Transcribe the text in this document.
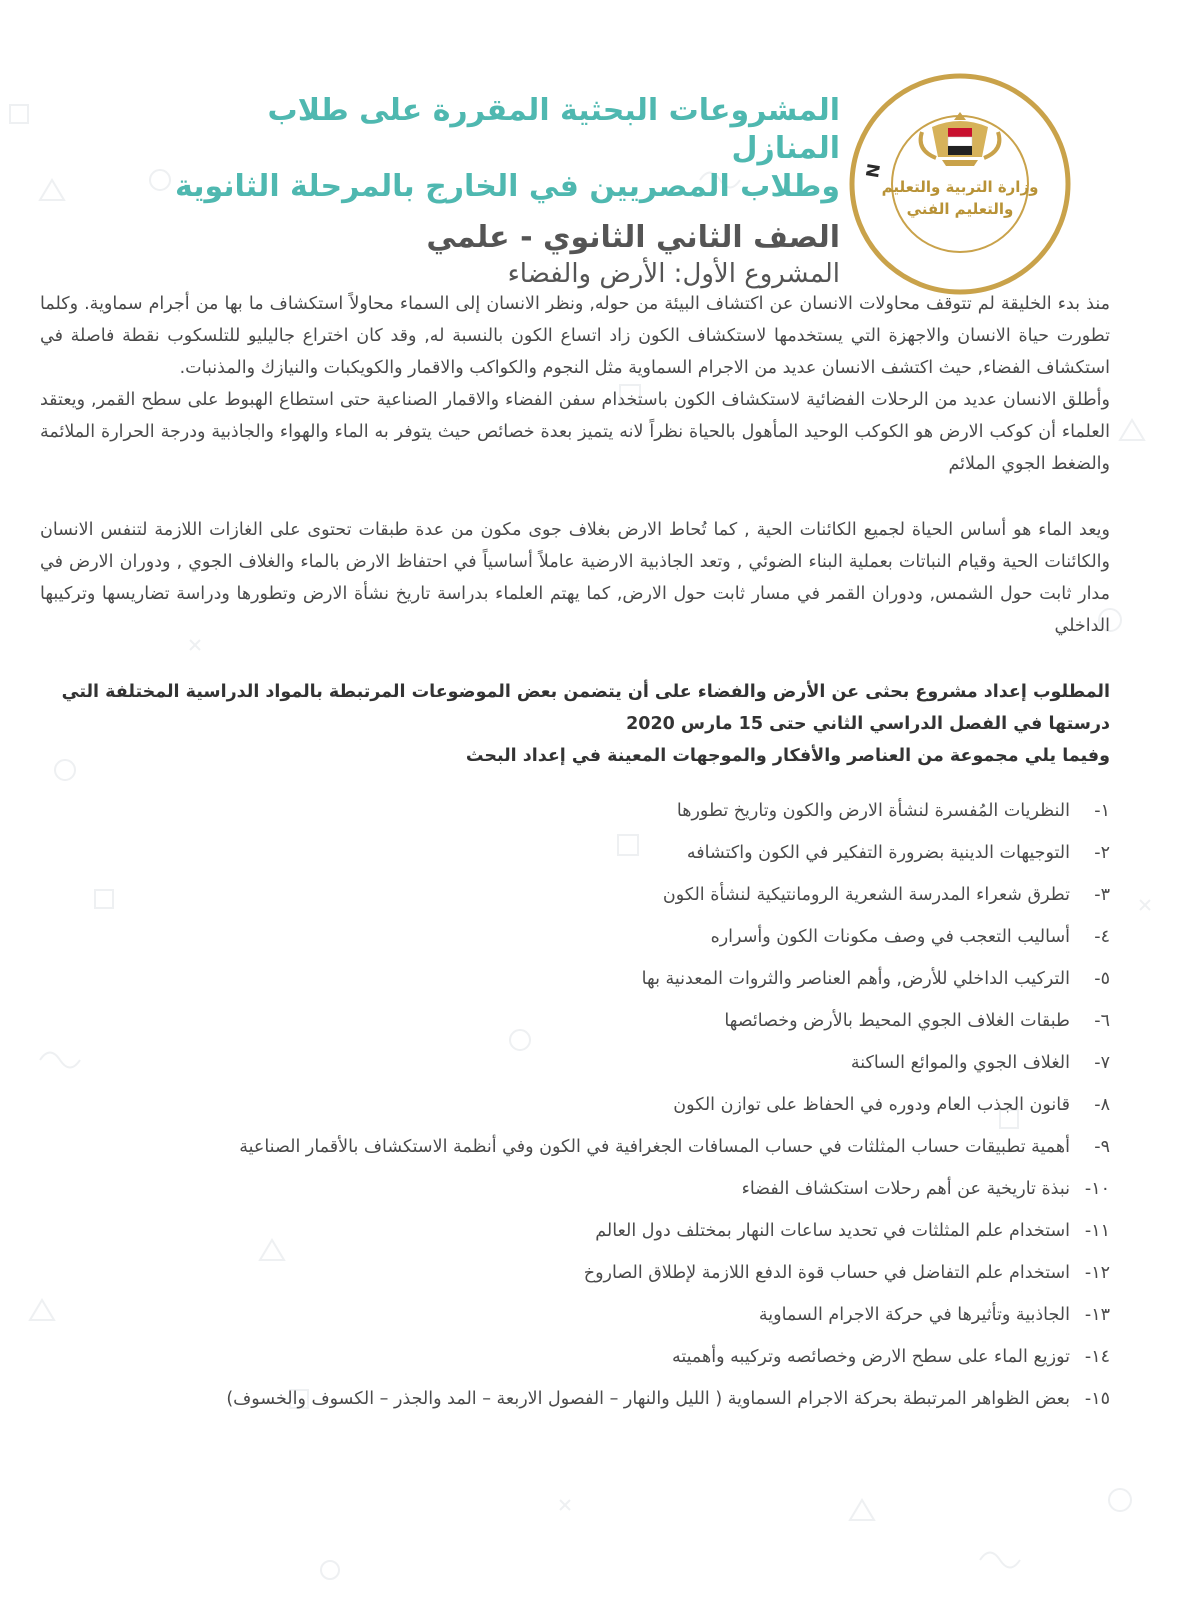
N
وزارة التربية والتعليم
والتعليم الفني

المشروعات البحثية المقررة على طلاب المنازل

وطلاب المصريين في الخارج بالمرحلة الثانوية

الصف الثاني الثانوي - علمي

المشروع الأول: الأرض والفضاء

منذ بدء الخليقة لم تتوقف محاولات الانسان عن اكتشاف البيئة من حوله, ونظر الانسان إلى السماء محاولاً استكشاف ما بها من أجرام سماوية. وكلما تطورت حياة الانسان والاجهزة التي يستخدمها لاستكشاف الكون زاد اتساع الكون بالنسبة له, وقد كان اختراع جاليليو للتلسكوب نقطة فاصلة في استكشاف الفضاء, حيث اكتشف الانسان عديد من الاجرام السماوية مثل النجوم والكواكب والاقمار والكويكبات والنيازك والمذنبات.

وأطلق الانسان عديد من الرحلات الفضائية لاستكشاف الكون باستخدام سفن الفضاء والاقمار الصناعية حتى استطاع الهبوط على سطح القمر, ويعتقد العلماء أن كوكب الارض هو الكوكب الوحيد المأهول بالحياة نظراً لانه يتميز بعدة خصائص حيث يتوفر به الماء والهواء والجاذبية ودرجة الحرارة الملائمة والضغط الجوي الملائم

ويعد الماء هو أساس الحياة لجميع الكائنات الحية , كما تُحاط الارض بغلاف جوى مكون من عدة طبقات تحتوى على الغازات اللازمة لتنفس الانسان والكائنات الحية وقيام النباتات بعملية البناء الضوئي , وتعد الجاذبية الارضية عاملاً أساسياً في احتفاظ الارض بالماء والغلاف الجوي , ودوران الارض في مدار ثابت حول الشمس, ودوران القمر في مسار ثابت حول الارض, كما يهتم العلماء بدراسة تاريخ نشأة الارض وتطورها ودراسة تضاريسها وتركيبها الداخلي

المطلوب إعداد مشروع بحثى عن الأرض والفضاء على أن يتضمن بعض الموضوعات المرتبطة بالمواد الدراسية المختلفة التي

درستها في الفصل الدراسي الثاني حتى 15 مارس 2020

وفيما يلي مجموعة من العناصر والأفكار والموجهات المعينة في إعداد البحث

١-
النظريات المُفسرة لنشأة الارض والكون وتاريخ تطورها
٢-
التوجيهات الدينية بضرورة التفكير في الكون واكتشافه
٣-
تطرق شعراء المدرسة الشعرية الرومانتيكية لنشأة الكون
٤-
أساليب التعجب في وصف مكونات الكون وأسراره
٥-
التركيب الداخلي للأرض, وأهم العناصر والثروات المعدنية بها
٦-
طبقات الغلاف الجوي المحيط بالأرض وخصائصها
٧-
الغلاف الجوي والموائع الساكنة
٨-
قانون الجذب العام ودوره في الحفاظ على توازن الكون
٩-
أهمية تطبيقات حساب المثلثات في حساب المسافات الجغرافية في الكون وفي أنظمة الاستكشاف بالأقمار الصناعية
١٠-
نبذة تاريخية عن أهم رحلات استكشاف الفضاء
١١-
استخدام علم المثلثات في تحديد ساعات النهار بمختلف دول العالم
١٢-
استخدام علم التفاضل في حساب قوة الدفع اللازمة لإطلاق الصاروخ
١٣-
الجاذبية وتأثيرها في حركة الاجرام السماوية
١٤-
توزيع الماء على سطح الارض وخصائصه وتركيبه وأهميته
١٥-
بعض الظواهر المرتبطة بحركة الاجرام السماوية ( الليل والنهار – الفصول الاربعة – المد والجذر – الكسوف والخسوف)
